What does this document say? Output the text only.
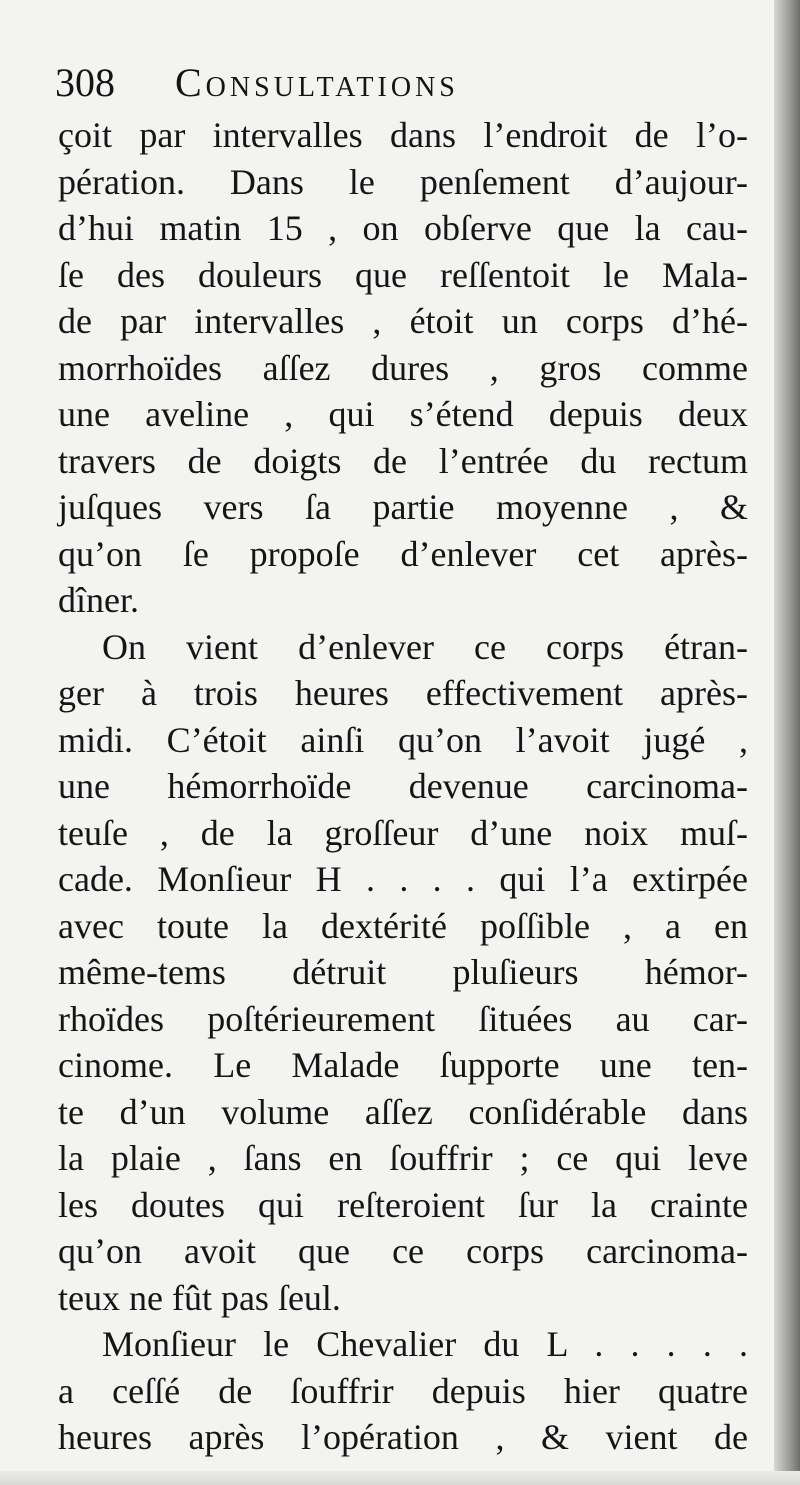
308 Consultations
çoit par intervalles dans l’endroit de l’o-
pération. Dans le penſement d’aujour-
d’hui matin 15 , on obſerve que la cau-
ſe des douleurs que reſſentoit le Mala-
de par intervalles , étoit un corps d’hé-
morrhoïdes aſſez dures , gros comme
une aveline , qui s’étend depuis deux
travers de doigts de l’entrée du rectum
juſques vers ſa partie moyenne , &
qu’on ſe propoſe d’enlever cet après-
dîner.
On vient d’enlever ce corps étran-
ger à trois heures effectivement après-
midi. C’étoit ainſi qu’on l’avoit jugé ,
une hémorrhoïde devenue carcinoma-
teuſe , de la groſſeur d’une noix muſ-
cade. Monſieur H . . . . qui l’a extirpée
avec toute la dextérité poſſible , a en
même-tems détruit pluſieurs hémor-
rhoïdes poſtérieurement ſituées au car-
cinome. Le Malade ſupporte une ten-
te d’un volume aſſez conſidérable dans
la plaie , ſans en ſouffrir ; ce qui leve
les doutes qui reſteroient ſur la crainte
qu’on avoit que ce corps carcinoma-
teux ne fût pas ſeul.
Monſieur le Chevalier du L . . . . .
a ceſſé de ſouffrir depuis hier quatre
heures après l’opération , & vient de
